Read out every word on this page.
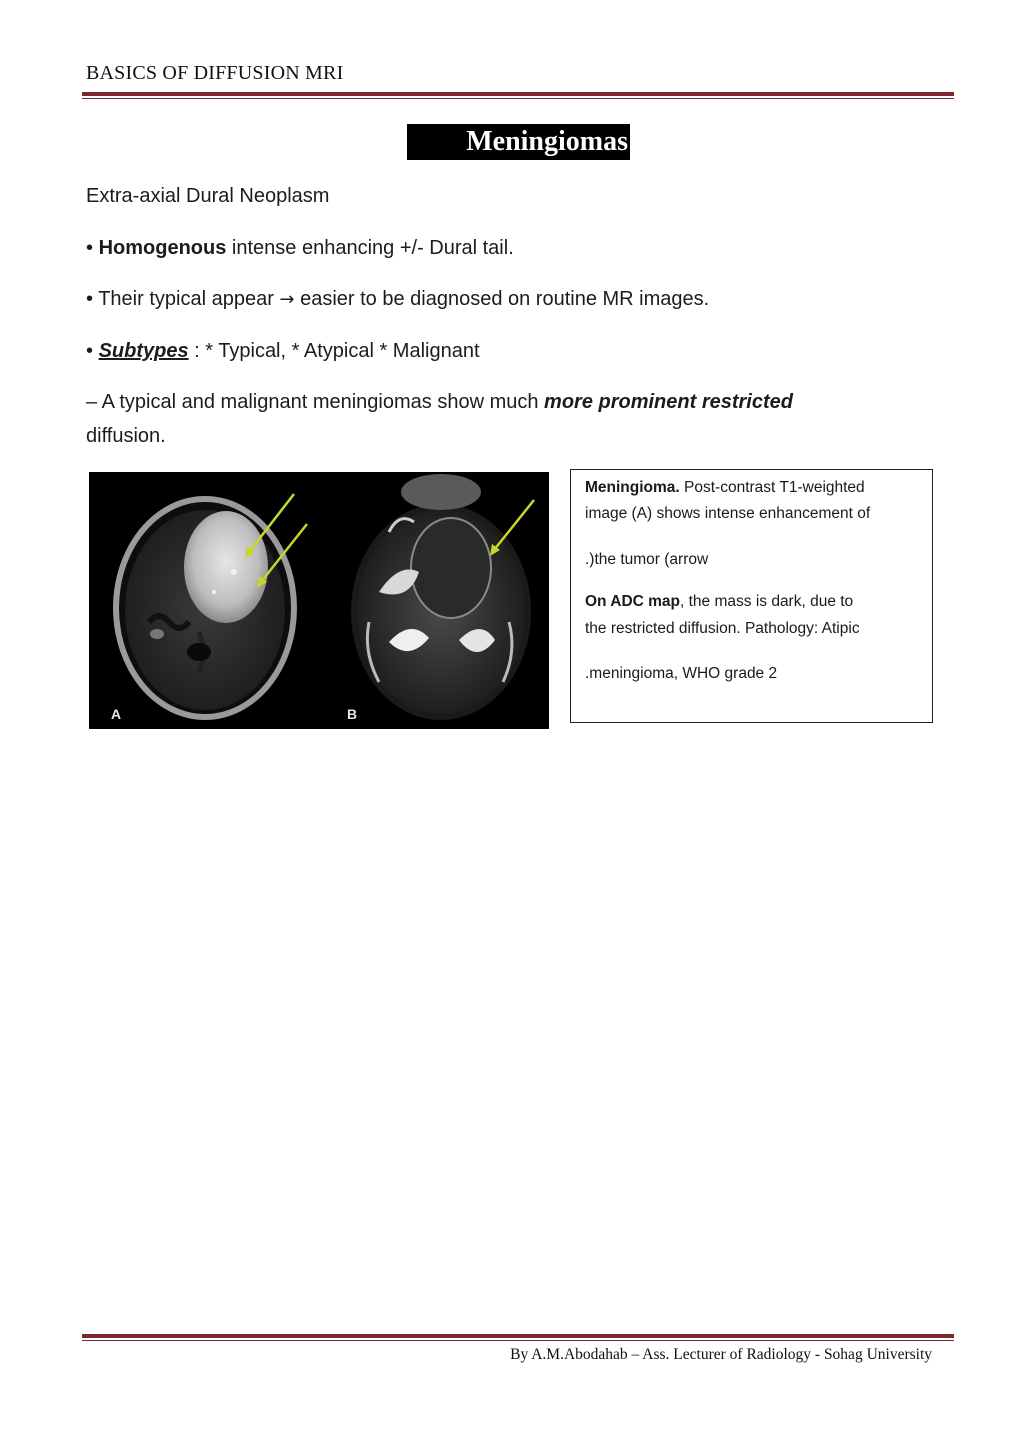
BASICS OF DIFFUSION MRI
Meningiomas
Extra-axial Dural Neoplasm
• Homogenous intense enhancing +/- Dural tail.
• Their typical appear → easier to be diagnosed on routine MR images.
• Subtypes : * Typical, * Atypical * Malignant
– A typical and malignant meningiomas show much more prominent restricted
diffusion.
A	B
Meningioma. Post-contrast T1-weighted
image (A) shows intense enhancement of
.)the tumor (arrow
On ADC map, the mass is dark, due to
the restricted diffusion. Pathology: Atipic
.meningioma, WHO grade 2
By A.M.Abodahab – Ass. Lecturer of Radiology - Sohag University
